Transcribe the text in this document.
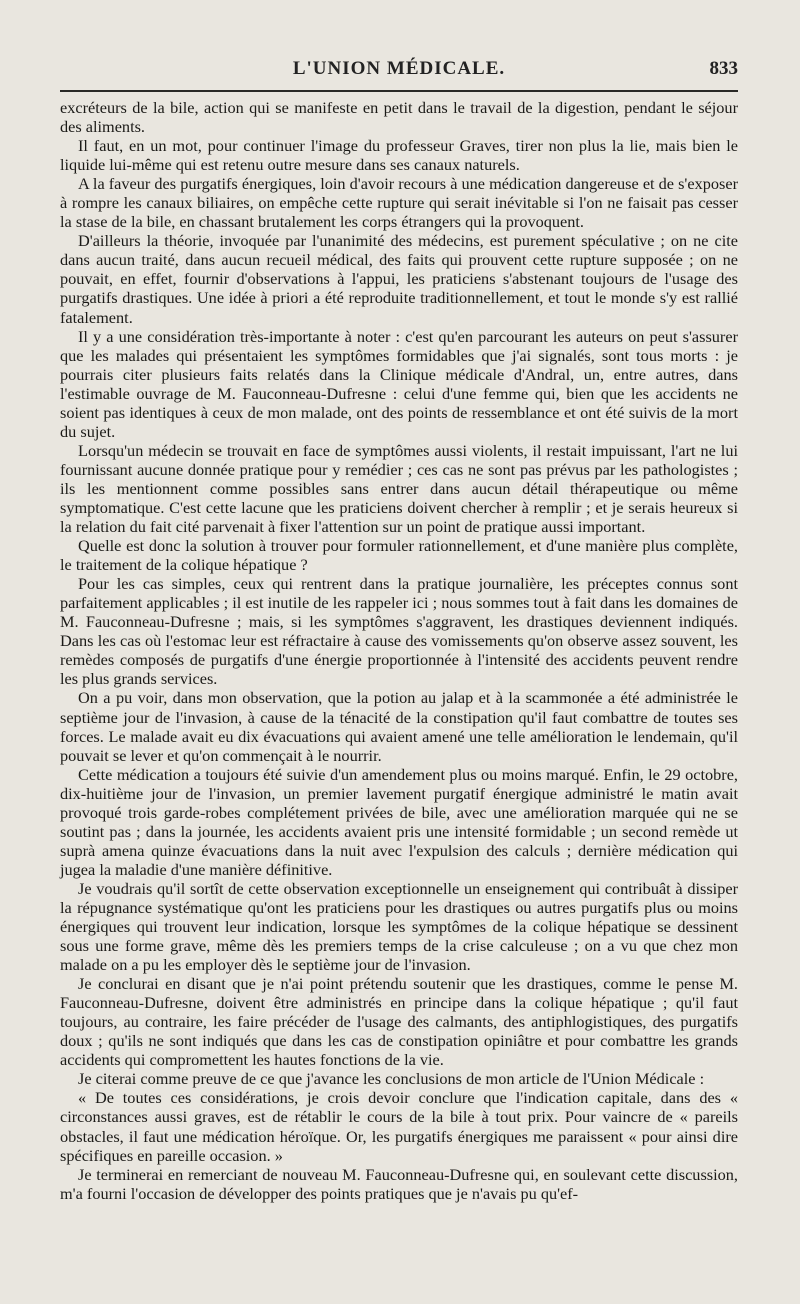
L'UNION MÉDICALE.	833

excréteurs de la bile, action qui se manifeste en petit dans le travail de la digestion, pendant le séjour des aliments.

Il faut, en un mot, pour continuer l'image du professeur Graves, tirer non plus la lie, mais bien le liquide lui-même qui est retenu outre mesure dans ses canaux naturels.

A la faveur des purgatifs énergiques, loin d'avoir recours à une médication dangereuse et de s'exposer à rompre les canaux biliaires, on empêche cette rupture qui serait inévitable si l'on ne faisait pas cesser la stase de la bile, en chassant brutalement les corps étrangers qui la provoquent.

D'ailleurs la théorie, invoquée par l'unanimité des médecins, est purement spéculative ; on ne cite dans aucun traité, dans aucun recueil médical, des faits qui prouvent cette rupture supposée ; on ne pouvait, en effet, fournir d'observations à l'appui, les praticiens s'abstenant toujours de l'usage des purgatifs drastiques. Une idée à priori a été reproduite traditionnellement, et tout le monde s'y est rallié fatalement.

Il y a une considération très-importante à noter : c'est qu'en parcourant les auteurs on peut s'assurer que les malades qui présentaient les symptômes formidables que j'ai signalés, sont tous morts : je pourrais citer plusieurs faits relatés dans la Clinique médicale d'Andral, un, entre autres, dans l'estimable ouvrage de M. Fauconneau-Dufresne : celui d'une femme qui, bien que les accidents ne soient pas identiques à ceux de mon malade, ont des points de ressemblance et ont été suivis de la mort du sujet.

Lorsqu'un médecin se trouvait en face de symptômes aussi violents, il restait impuissant, l'art ne lui fournissant aucune donnée pratique pour y remédier ; ces cas ne sont pas prévus par les pathologistes ; ils les mentionnent comme possibles sans entrer dans aucun détail thérapeutique ou même symptomatique. C'est cette lacune que les praticiens doivent chercher à remplir ; et je serais heureux si la relation du fait cité parvenait à fixer l'attention sur un point de pratique aussi important.

Quelle est donc la solution à trouver pour formuler rationnellement, et d'une manière plus complète, le traitement de la colique hépatique ?

Pour les cas simples, ceux qui rentrent dans la pratique journalière, les préceptes connus sont parfaitement applicables ; il est inutile de les rappeler ici ; nous sommes tout à fait dans les domaines de M. Fauconneau-Dufresne ; mais, si les symptômes s'aggravent, les drastiques deviennent indiqués. Dans les cas où l'estomac leur est réfractaire à cause des vomissements qu'on observe assez souvent, les remèdes composés de purgatifs d'une énergie proportionnée à l'intensité des accidents peuvent rendre les plus grands services.

On a pu voir, dans mon observation, que la potion au jalap et à la scammonée a été administrée le septième jour de l'invasion, à cause de la ténacité de la constipation qu'il faut combattre de toutes ses forces. Le malade avait eu dix évacuations qui avaient amené une telle amélioration le lendemain, qu'il pouvait se lever et qu'on commençait à le nourrir.

Cette médication a toujours été suivie d'un amendement plus ou moins marqué. Enfin, le 29 octobre, dix-huitième jour de l'invasion, un premier lavement purgatif énergique administré le matin avait provoqué trois garde-robes complétement privées de bile, avec une amélioration marquée qui ne se soutint pas ; dans la journée, les accidents avaient pris une intensité formidable ; un second remède ut suprà amena quinze évacuations dans la nuit avec l'expulsion des calculs ; dernière médication qui jugea la maladie d'une manière définitive.

Je voudrais qu'il sortît de cette observation exceptionnelle un enseignement qui contribuât à dissiper la répugnance systématique qu'ont les praticiens pour les drastiques ou autres purgatifs plus ou moins énergiques qui trouvent leur indication, lorsque les symptômes de la colique hépatique se dessinent sous une forme grave, même dès les premiers temps de la crise calculeuse ; on a vu que chez mon malade on a pu les employer dès le septième jour de l'invasion.

Je conclurai en disant que je n'ai point prétendu soutenir que les drastiques, comme le pense M. Fauconneau-Dufresne, doivent être administrés en principe dans la colique hépatique ; qu'il faut toujours, au contraire, les faire précéder de l'usage des calmants, des antiphlogistiques, des purgatifs doux ; qu'ils ne sont indiqués que dans les cas de constipation opiniâtre et pour combattre les grands accidents qui compromettent les hautes fonctions de la vie.

Je citerai comme preuve de ce que j'avance les conclusions de mon article de l'Union Médicale :

« De toutes ces considérations, je crois devoir conclure que l'indication capitale, dans des « circonstances aussi graves, est de rétablir le cours de la bile à tout prix. Pour vaincre de « pareils obstacles, il faut une médication héroïque. Or, les purgatifs énergiques me paraissent « pour ainsi dire spécifiques en pareille occasion. »

Je terminerai en remerciant de nouveau M. Fauconneau-Dufresne qui, en soulevant cette discussion, m'a fourni l'occasion de développer des points pratiques que je n'avais pu qu'ef-
